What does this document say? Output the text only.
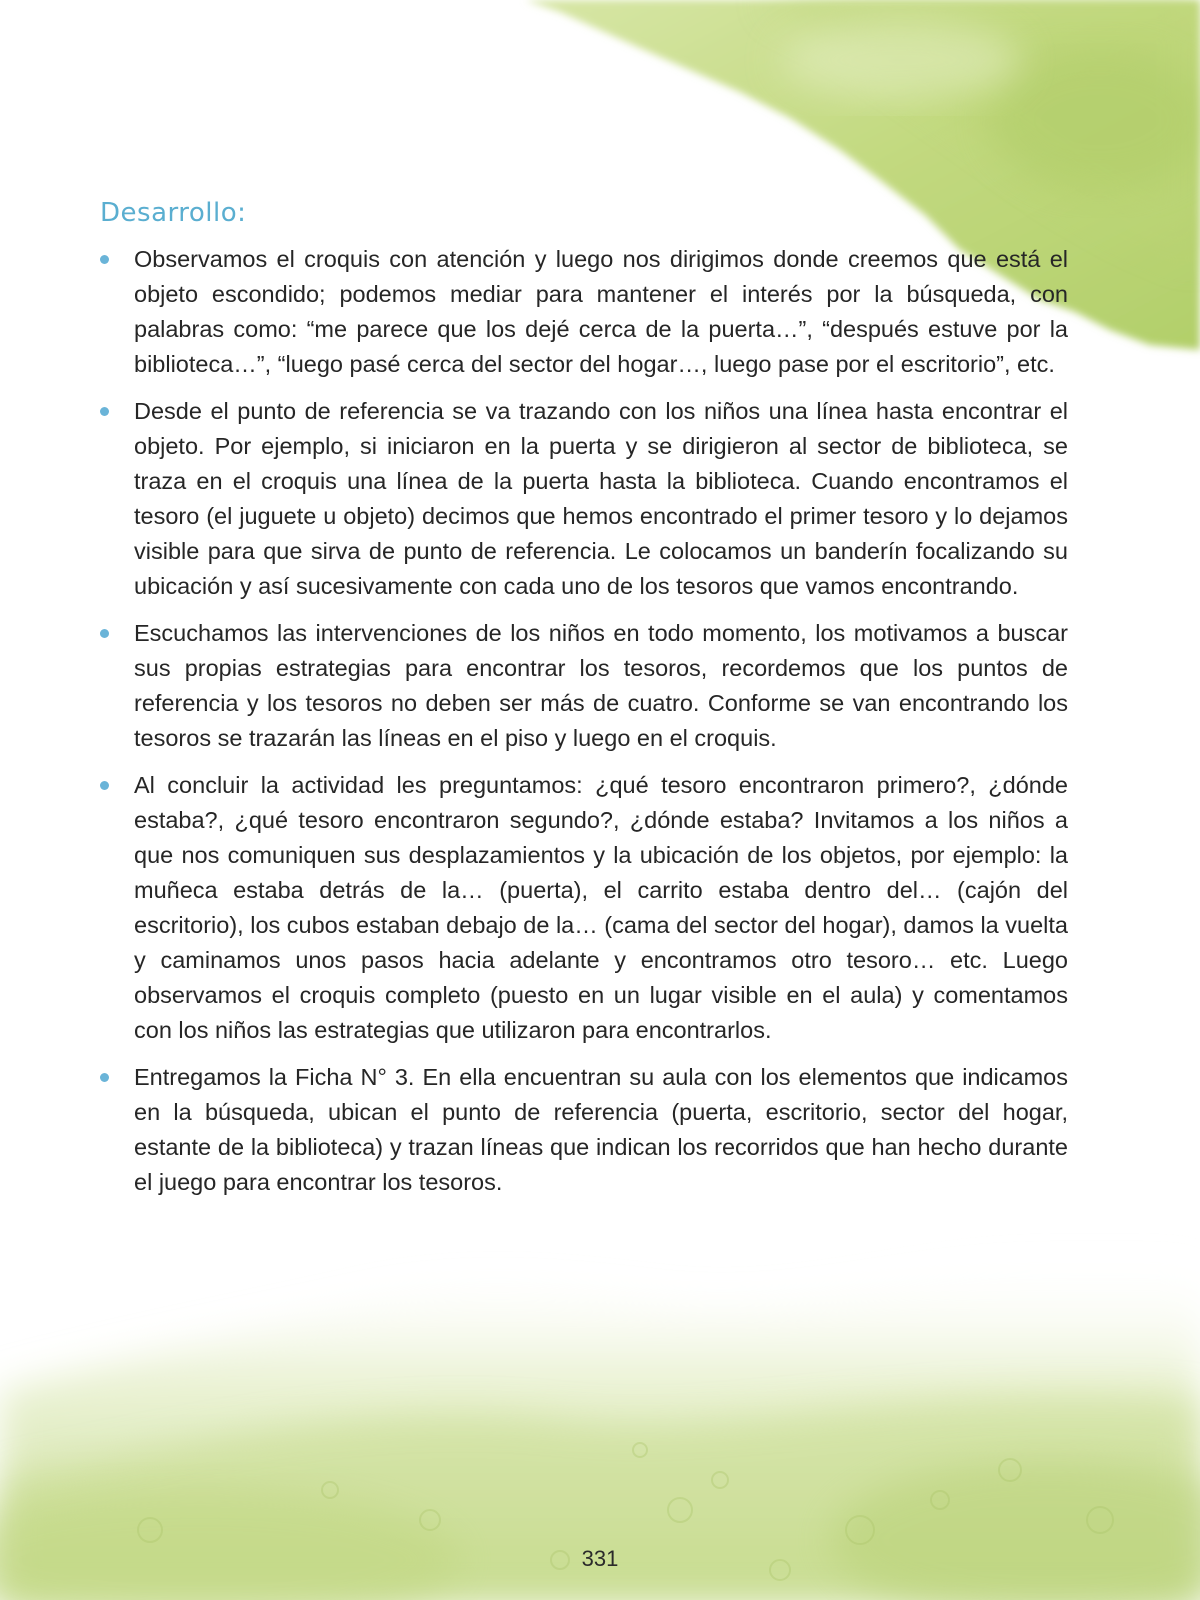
Desarrollo:
Observamos el croquis con atención y luego nos dirigimos donde creemos que está el objeto escondido; podemos mediar para mantener el interés por la búsqueda, con palabras como: “me parece que los dejé cerca de la puerta…”, “después estuve por la biblioteca…”, “luego pasé cerca del sector del hogar…, luego pase por el escritorio”, etc.
Desde el punto de referencia se va trazando con los niños una línea hasta encontrar el objeto. Por ejemplo, si iniciaron en la puerta y se dirigieron al sector de biblioteca, se traza en el croquis una línea de la puerta hasta la biblioteca. Cuando encontramos el tesoro (el juguete u objeto) decimos que hemos encontrado el primer tesoro y lo dejamos visible para que sirva de punto de referencia. Le colocamos un banderín focalizando su ubicación y así sucesivamente con cada uno de los tesoros que vamos encontrando.
Escuchamos las intervenciones de los niños en todo momento, los motivamos a buscar sus propias estrategias para encontrar los tesoros, recordemos que los puntos de referencia y los tesoros no deben ser más de cuatro. Conforme se van encontrando los tesoros se trazarán las líneas en el piso y luego en el croquis.
Al concluir la actividad les preguntamos: ¿qué tesoro encontraron primero?, ¿dónde estaba?, ¿qué tesoro encontraron segundo?, ¿dónde estaba? Invitamos a los niños a que nos comuniquen sus desplazamientos y la ubicación de los objetos, por ejemplo: la muñeca estaba detrás de la… (puerta), el carrito estaba dentro del… (cajón del escritorio), los cubos estaban debajo de la… (cama del sector del hogar), damos la vuelta y caminamos unos pasos hacia adelante y encontramos otro tesoro… etc. Luego observamos el croquis completo (puesto en un lugar visible en el aula) y comentamos con los niños las estrategias que utilizaron para encontrarlos.
Entregamos la Ficha N° 3. En ella encuentran su aula con los elementos que indicamos en la búsqueda, ubican el punto de referencia (puerta, escritorio, sector del hogar, estante de la biblioteca) y trazan líneas que indican los recorridos que han hecho durante el juego para encontrar los tesoros.
331
